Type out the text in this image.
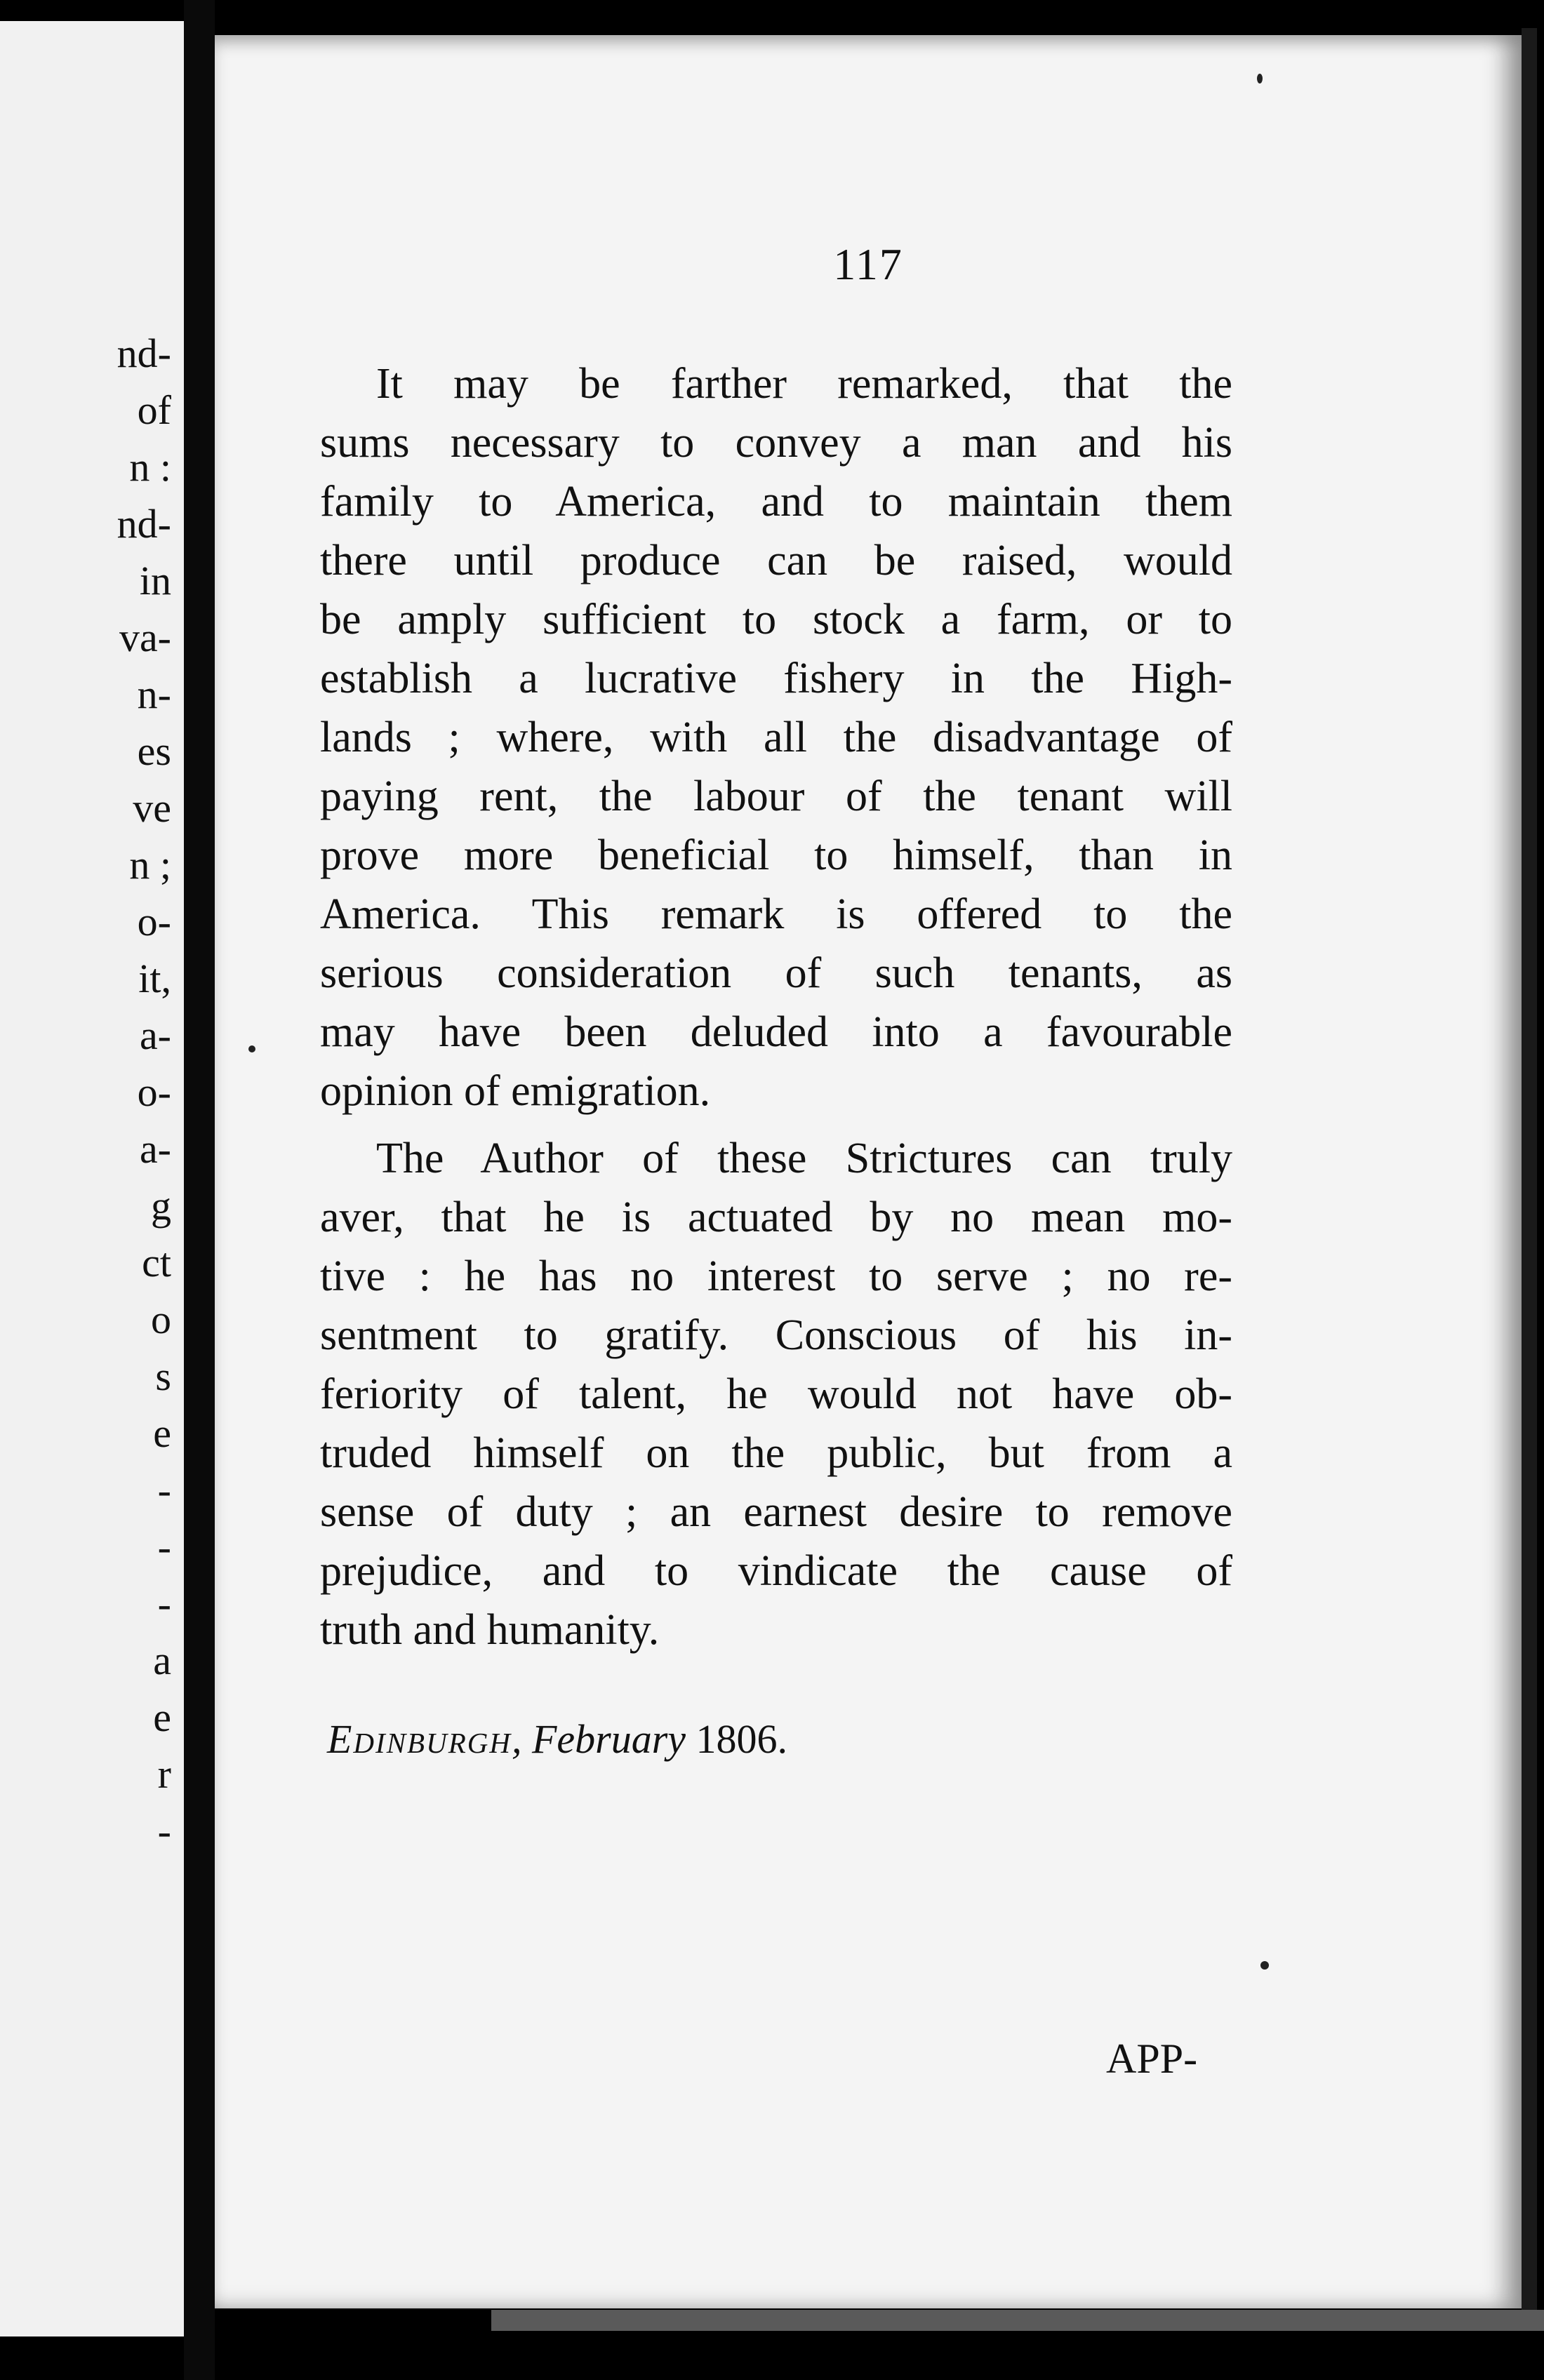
nd-
of
n :
nd-
in
va-
n-
es
ve
n ;
o-
it,
a-
o-
a-
g
ct
o
s
e
-
-
-
a
e
r
-
117
It may be farther remarked, that the
sums necessary to convey a man and his
family to America, and to maintain them
there until produce can be raised, would
be amply sufficient to stock a farm, or to
establish a lucrative fishery in the High-
lands ; where, with all the disadvantage of
paying rent, the labour of the tenant will
prove more beneficial to himself, than in
America. This remark is offered to the
serious consideration of such tenants, as
may have been deluded into a favourable
opinion of emigration.
The Author of these Strictures can truly
aver, that he is actuated by no mean mo-
tive : he has no interest to serve ; no re-
sentment to gratify. Conscious of his in-
feriority of talent, he would not have ob-
truded himself on the public, but from a
sense of duty ; an earnest desire to remove
prejudice, and to vindicate the cause of
truth and humanity.
Edinburgh, February 1806.
APP-
